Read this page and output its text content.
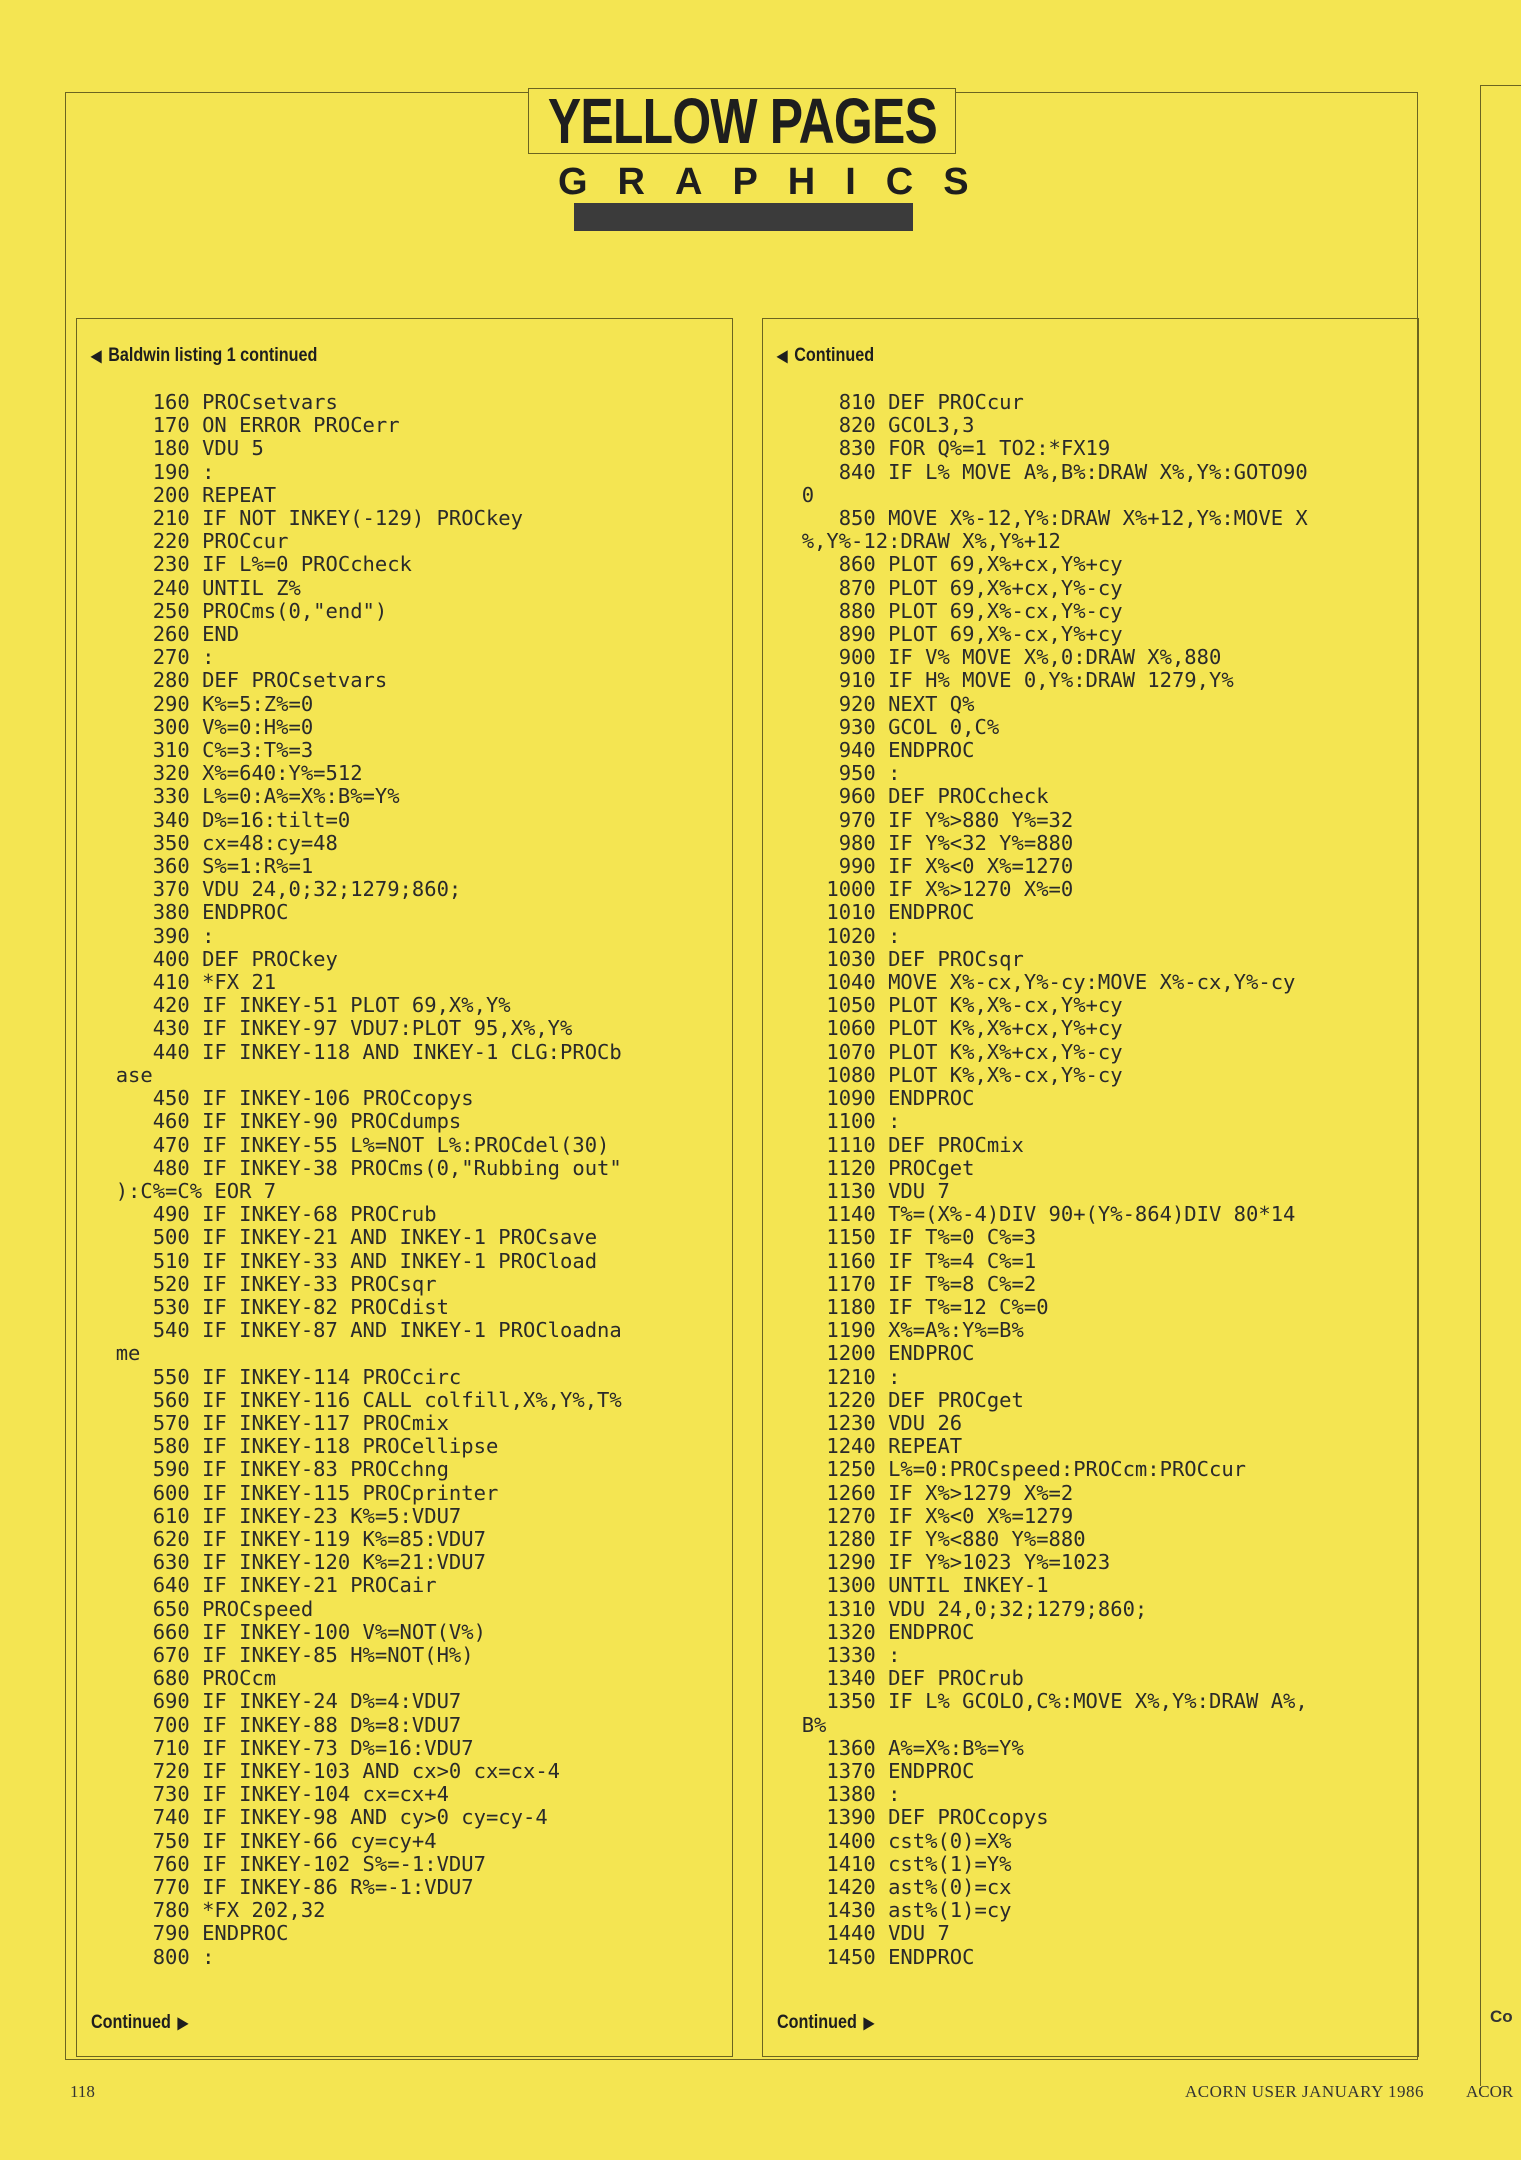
YELLOW PAGES
GRAPHICS
◀ Baldwin listing 1 continued
160 PROCsetvars
170 ON ERROR PROCerr
180 VDU 5
190 :
200 REPEAT
210 IF NOT INKEY(-129) PROCkey
220 PROCcur
230 IF L%=0 PROCcheck
240 UNTIL Z%
250 PROCms(0,"end")
260 END
270 :
280 DEF PROCsetvars
290 K%=5:Z%=0
300 V%=0:H%=0
310 C%=3:T%=3
320 X%=640:Y%=512
330 L%=0:A%=X%:B%=Y%
340 D%=16:tilt=0
350 cx=48:cy=48
360 S%=1:R%=1
370 VDU 24,0;32;1279;860;
380 ENDPROC
390 :
400 DEF PROCkey
410 *FX 21
420 IF INKEY-51 PLOT 69,X%,Y%
430 IF INKEY-97 VDU7:PLOT 95,X%,Y%
440 IF INKEY-118 AND INKEY-1 CLG:PROCb
ase
450 IF INKEY-106 PROCcopys
460 IF INKEY-90 PROCdumps
470 IF INKEY-55 L%=NOT L%:PROCdel(30)
480 IF INKEY-38 PROCms(0,"Rubbing out"
):C%=C% EOR 7
490 IF INKEY-68 PROCrub
500 IF INKEY-21 AND INKEY-1 PROCsave
510 IF INKEY-33 AND INKEY-1 PROCload
520 IF INKEY-33 PROCsqr
530 IF INKEY-82 PROCdist
540 IF INKEY-87 AND INKEY-1 PROCloadna
me
550 IF INKEY-114 PROCcirc
560 IF INKEY-116 CALL colfill,X%,Y%,T%
570 IF INKEY-117 PROCmix
580 IF INKEY-118 PROCellipse
590 IF INKEY-83 PROCchng
600 IF INKEY-115 PROCprinter
610 IF INKEY-23 K%=5:VDU7
620 IF INKEY-119 K%=85:VDU7
630 IF INKEY-120 K%=21:VDU7
640 IF INKEY-21 PROCair
650 PROCspeed
660 IF INKEY-100 V%=NOT(V%)
670 IF INKEY-85 H%=NOT(H%)
680 PROCcm
690 IF INKEY-24 D%=4:VDU7
700 IF INKEY-88 D%=8:VDU7
710 IF INKEY-73 D%=16:VDU7
720 IF INKEY-103 AND cx>0 cx=cx-4
730 IF INKEY-104 cx=cx+4
740 IF INKEY-98 AND cy>0 cy=cy-4
750 IF INKEY-66 cy=cy+4
760 IF INKEY-102 S%=-1:VDU7
770 IF INKEY-86 R%=-1:VDU7
780 *FX 202,32
790 ENDPROC
800 :
Continued ▶
◀ Continued
810 DEF PROCcur
820 GCOL3,3
830 FOR Q%=1 TO2:*FX19
840 IF L% MOVE A%,B%:DRAW X%,Y%:GOTO90
0
850 MOVE X%-12,Y%:DRAW X%+12,Y%:MOVE X
%,Y%-12:DRAW X%,Y%+12
860 PLOT 69,X%+cx,Y%+cy
870 PLOT 69,X%+cx,Y%-cy
880 PLOT 69,X%-cx,Y%-cy
890 PLOT 69,X%-cx,Y%+cy
900 IF V% MOVE X%,0:DRAW X%,880
910 IF H% MOVE 0,Y%:DRAW 1279,Y%
920 NEXT Q%
930 GCOL 0,C%
940 ENDPROC
950 :
960 DEF PROCcheck
970 IF Y%>880 Y%=32
980 IF Y%<32 Y%=880
990 IF X%<0 X%=1270
1000 IF X%>1270 X%=0
1010 ENDPROC
1020 :
1030 DEF PROCsqr
1040 MOVE X%-cx,Y%-cy:MOVE X%-cx,Y%-cy
1050 PLOT K%,X%-cx,Y%+cy
1060 PLOT K%,X%+cx,Y%+cy
1070 PLOT K%,X%+cx,Y%-cy
1080 PLOT K%,X%-cx,Y%-cy
1090 ENDPROC
1100 :
1110 DEF PROCmix
1120 PROCget
1130 VDU 7
1140 T%=(X%-4)DIV 90+(Y%-864)DIV 80*14
1150 IF T%=0 C%=3
1160 IF T%=4 C%=1
1170 IF T%=8 C%=2
1180 IF T%=12 C%=0
1190 X%=A%:Y%=B%
1200 ENDPROC
1210 :
1220 DEF PROCget
1230 VDU 26
1240 REPEAT
1250 L%=0:PROCspeed:PROCcm:PROCcur
1260 IF X%>1279 X%=2
1270 IF X%<0 X%=1279
1280 IF Y%<880 Y%=880
1290 IF Y%>1023 Y%=1023
1300 UNTIL INKEY-1
1310 VDU 24,0;32;1279;860;
1320 ENDPROC
1330 :
1340 DEF PROCrub
1350 IF L% GCOLO,C%:MOVE X%,Y%:DRAW A%,
B%
1360 A%=X%:B%=Y%
1370 ENDPROC
1380 :
1390 DEF PROCcopys
1400 cst%(0)=X%
1410 cst%(1)=Y%
1420 ast%(0)=cx
1430 ast%(1)=cy
1440 VDU 7
1450 ENDPROC
Continued ▶
118	ACORN USER JANUARY 1986
Co
ACOR
